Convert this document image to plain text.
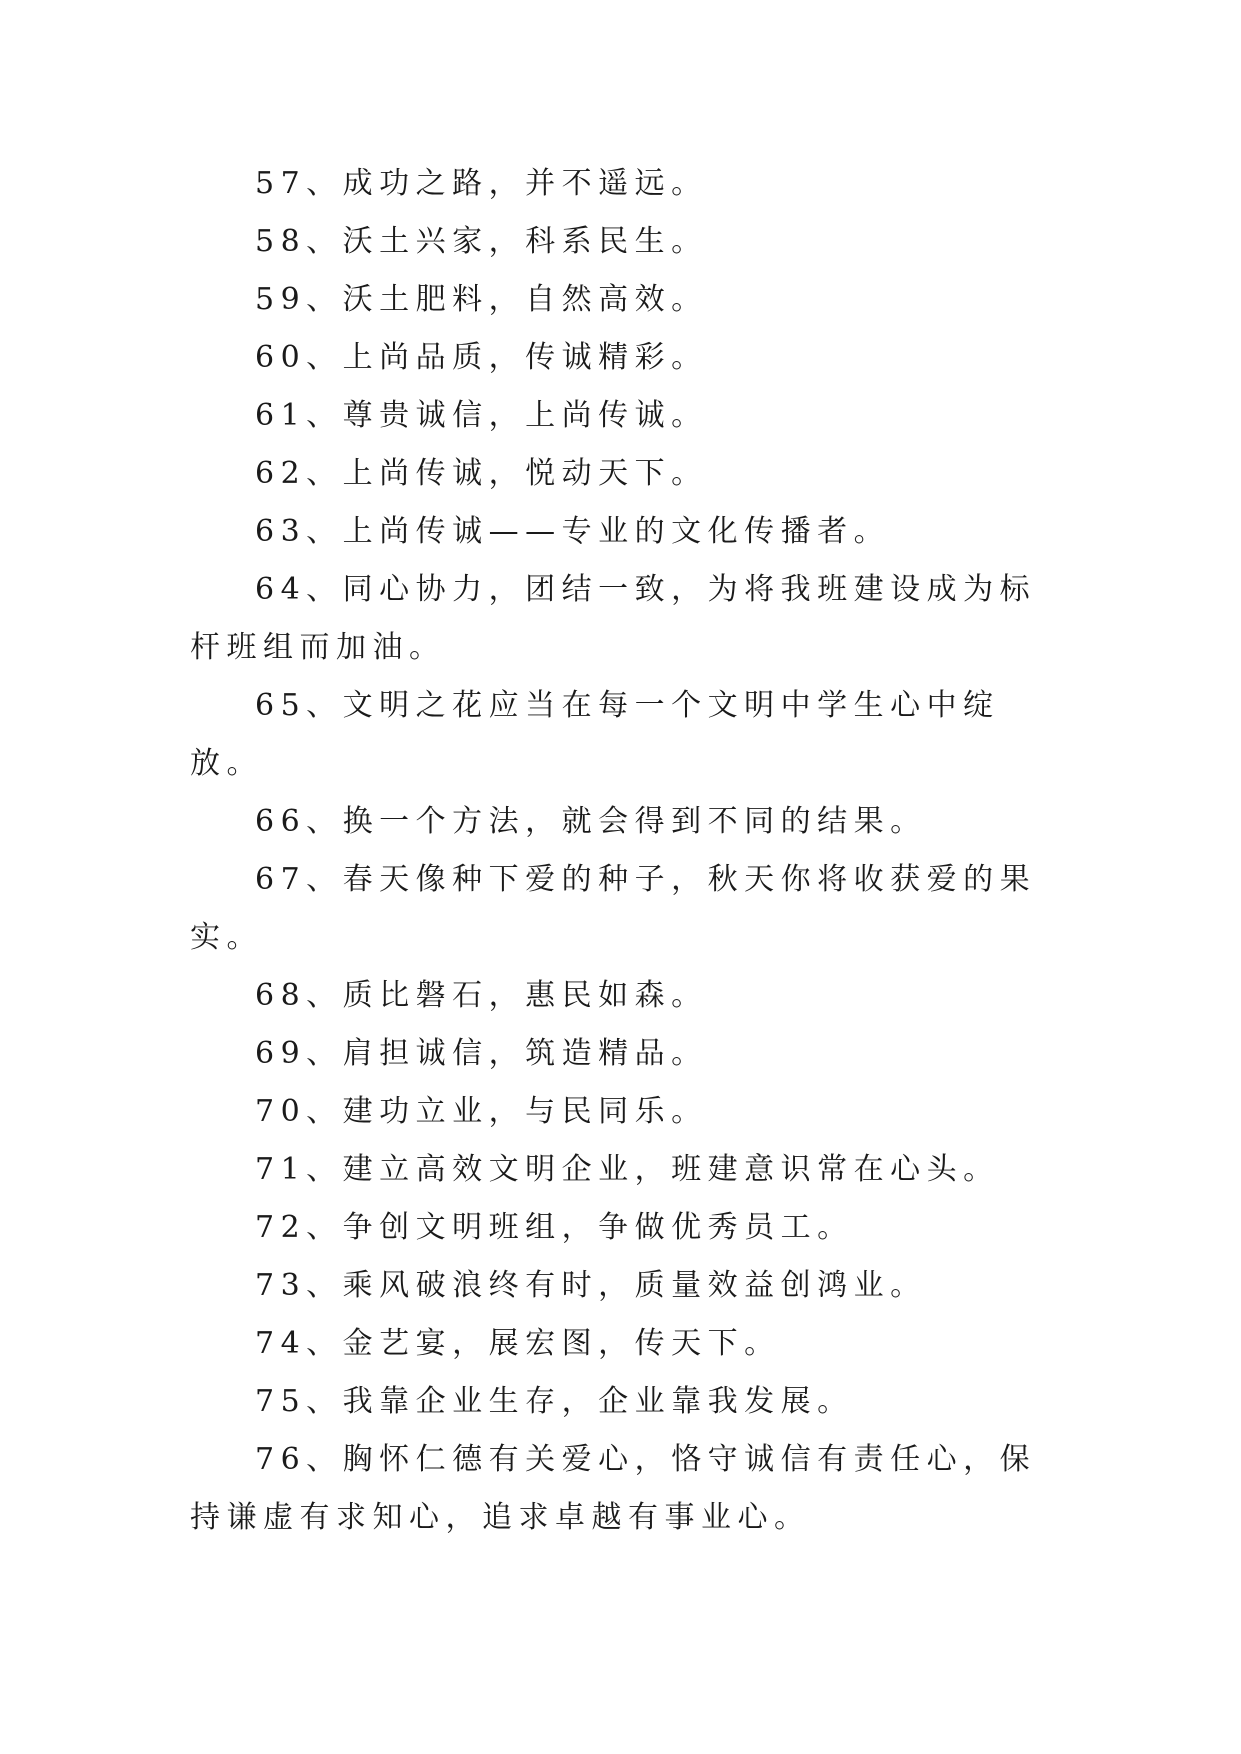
57、成功之路，并不遥远。

58、沃土兴家，科系民生。

59、沃土肥料，自然高效。

60、上尚品质，传诚精彩。

61、尊贵诚信，上尚传诚。

62、上尚传诚，悦动天下。

63、上尚传诚——专业的文化传播者。

64、同心协力，团结一致，为将我班建设成为标杆班组而加油。

65、文明之花应当在每一个文明中学生心中绽放。

66、换一个方法，就会得到不同的结果。

67、春天像种下爱的种子，秋天你将收获爱的果实。

68、质比磐石，惠民如森。

69、肩担诚信，筑造精品。

70、建功立业，与民同乐。

71、建立高效文明企业，班建意识常在心头。

72、争创文明班组，争做优秀员工。

73、乘风破浪终有时，质量效益创鸿业。

74、金艺宴，展宏图，传天下。

75、我靠企业生存，企业靠我发展。

76、胸怀仁德有关爱心，恪守诚信有责任心，保持谦虚有求知心，追求卓越有事业心。
